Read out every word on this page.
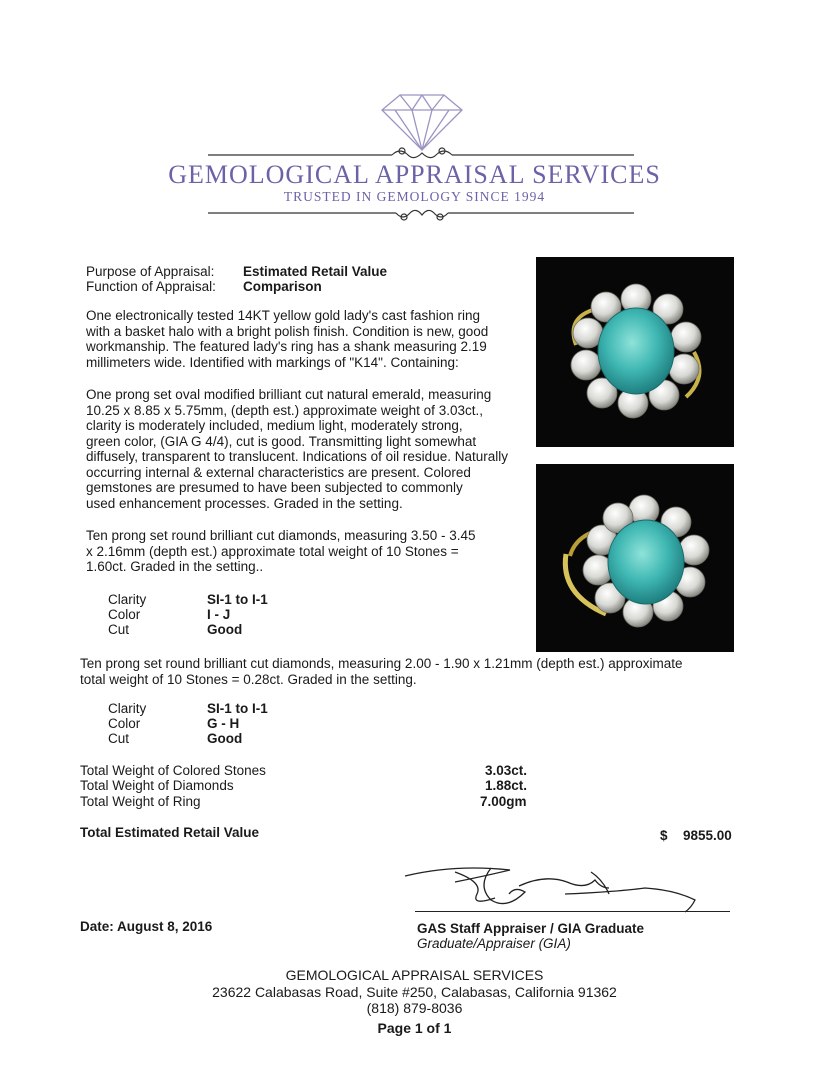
GEMOLOGICAL APPRAISAL SERVICES
TRUSTED IN GEMOLOGY SINCE 1994
Purpose of Appraisal: Estimated Retail Value
Function of Appraisal: Comparison
One electronically tested 14KT yellow gold lady's cast fashion ring
with a basket halo with a bright polish finish. Condition is new, good
workmanship. The featured lady's ring has a shank measuring 2.19
millimeters wide. Identified with markings of "K14". Containing:
One prong set oval modified brilliant cut natural emerald, measuring
10.25 x 8.85 x 5.75mm, (depth est.) approximate weight of 3.03ct.,
clarity is moderately included, medium light, moderately strong,
green color, (GIA G 4/4), cut is good. Transmitting light somewhat
diffusely, transparent to translucent. Indications of oil residue. Naturally
occurring internal & external characteristics are present. Colored
gemstones are presumed to have been subjected to commonly
used enhancement processes. Graded in the setting.
Ten prong set round brilliant cut diamonds, measuring 3.50 - 3.45
x 2.16mm (depth est.) approximate total weight of 10 Stones =
1.60ct. Graded in the setting..
Clarity	SI-1 to I-1
Color	I - J
Cut	Good
Ten prong set round brilliant cut diamonds, measuring 2.00 - 1.90 x 1.21mm (depth est.) approximate
total weight of 10 Stones = 0.28ct. Graded in the setting.
Clarity	SI-1 to I-1
Color	G - H
Cut	Good
Total Weight of Colored Stones	3.03ct.
Total Weight of Diamonds	1.88ct.
Total Weight of Ring	7.00gm
Total Estimated Retail Value	$ 9855.00
Date: August 8, 2016	GAS Staff Appraiser / GIA Graduate
Graduate/Appraiser (GIA)
GEMOLOGICAL APPRAISAL SERVICES
23622 Calabasas Road, Suite #250, Calabasas, California 91362
(818) 879-8036
Page 1 of 1
